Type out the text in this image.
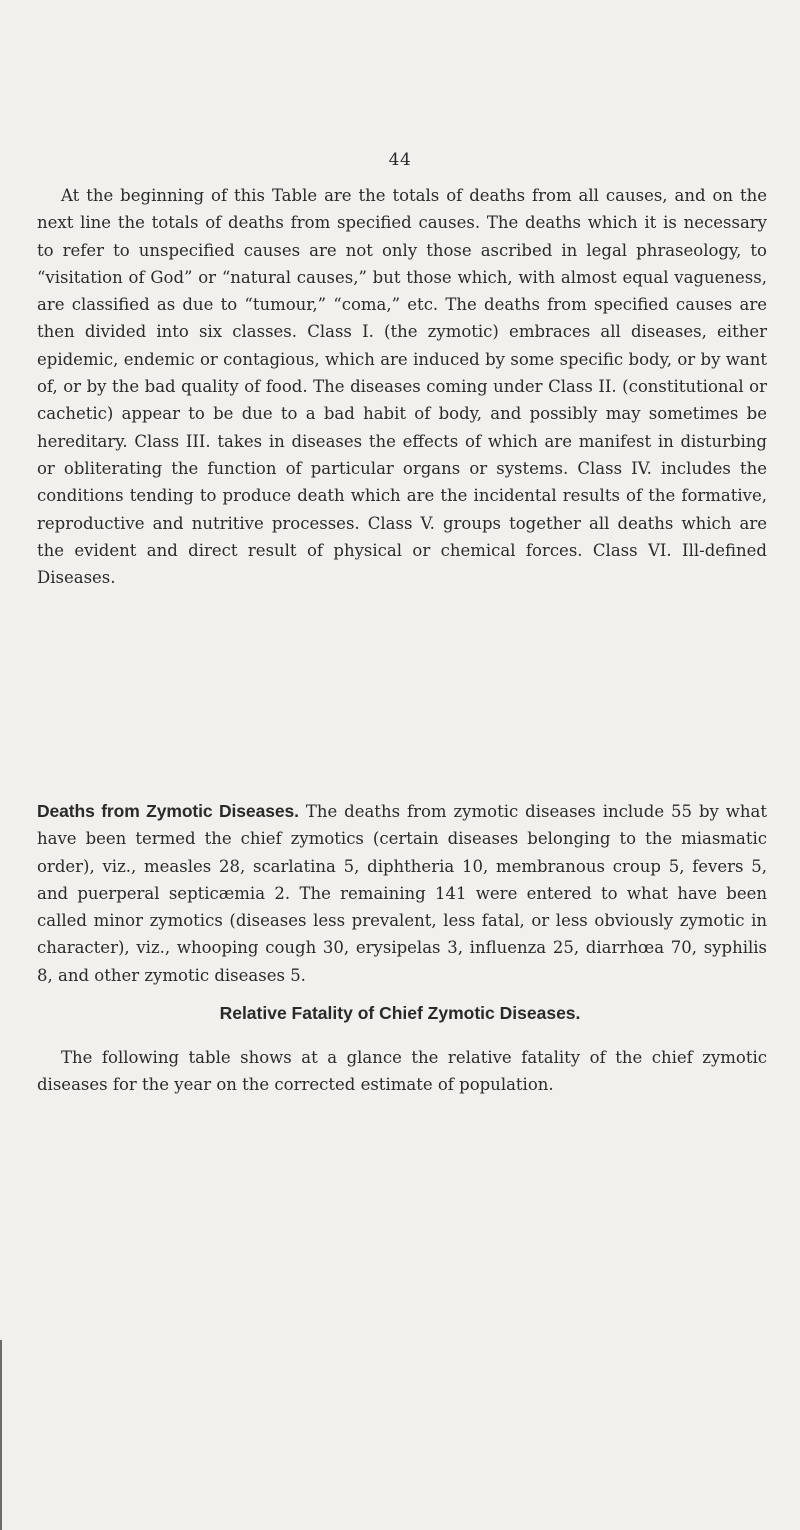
44

At the beginning of this Table are the totals of deaths from all causes, and on the next line the totals of deaths from specified causes. The deaths which it is necessary to refer to unspecified causes are not only those ascribed in legal phraseology, to “visitation of God” or “natural causes,” but those which, with almost equal vagueness, are classified as due to “tumour,” “coma,” etc. The deaths from specified causes are then divided into six classes. Class I. (the zymotic) embraces all diseases, either epidemic, endemic or contagious, which are induced by some specific body, or by want of, or by the bad quality of food. The diseases coming under Class II. (constitutional or cachetic) appear to be due to a bad habit of body, and possibly may sometimes be hereditary. Class III. takes in diseases the effects of which are manifest in disturbing or obliterating the function of particular organs or systems. Class IV. includes the conditions tending to produce death which are the incidental results of the formative, reproductive and nutritive processes. Class V. groups together all deaths which are the evident and direct result of physical or chemical forces. Class VI. Ill-defined Diseases.

Deaths from Zymotic Diseases. The deaths from zymotic diseases include 55 by what have been termed the chief zymotics (certain diseases belonging to the miasmatic order), viz., measles 28, scarlatina 5, diphtheria 10, membranous croup 5, fevers 5, and puerperal septicæmia 2. The remaining 141 were entered to what have been called minor zymotics (diseases less prevalent, less fatal, or less obviously zymotic in character), viz., whooping cough 30, erysipelas 3, influenza 25, diarrhœa 70, syphilis 8, and other zymotic diseases 5.

Relative Fatality of Chief Zymotic Diseases.

The following table shows at a glance the relative fatality of the chief zymotic diseases for the year on the corrected estimate of population.
